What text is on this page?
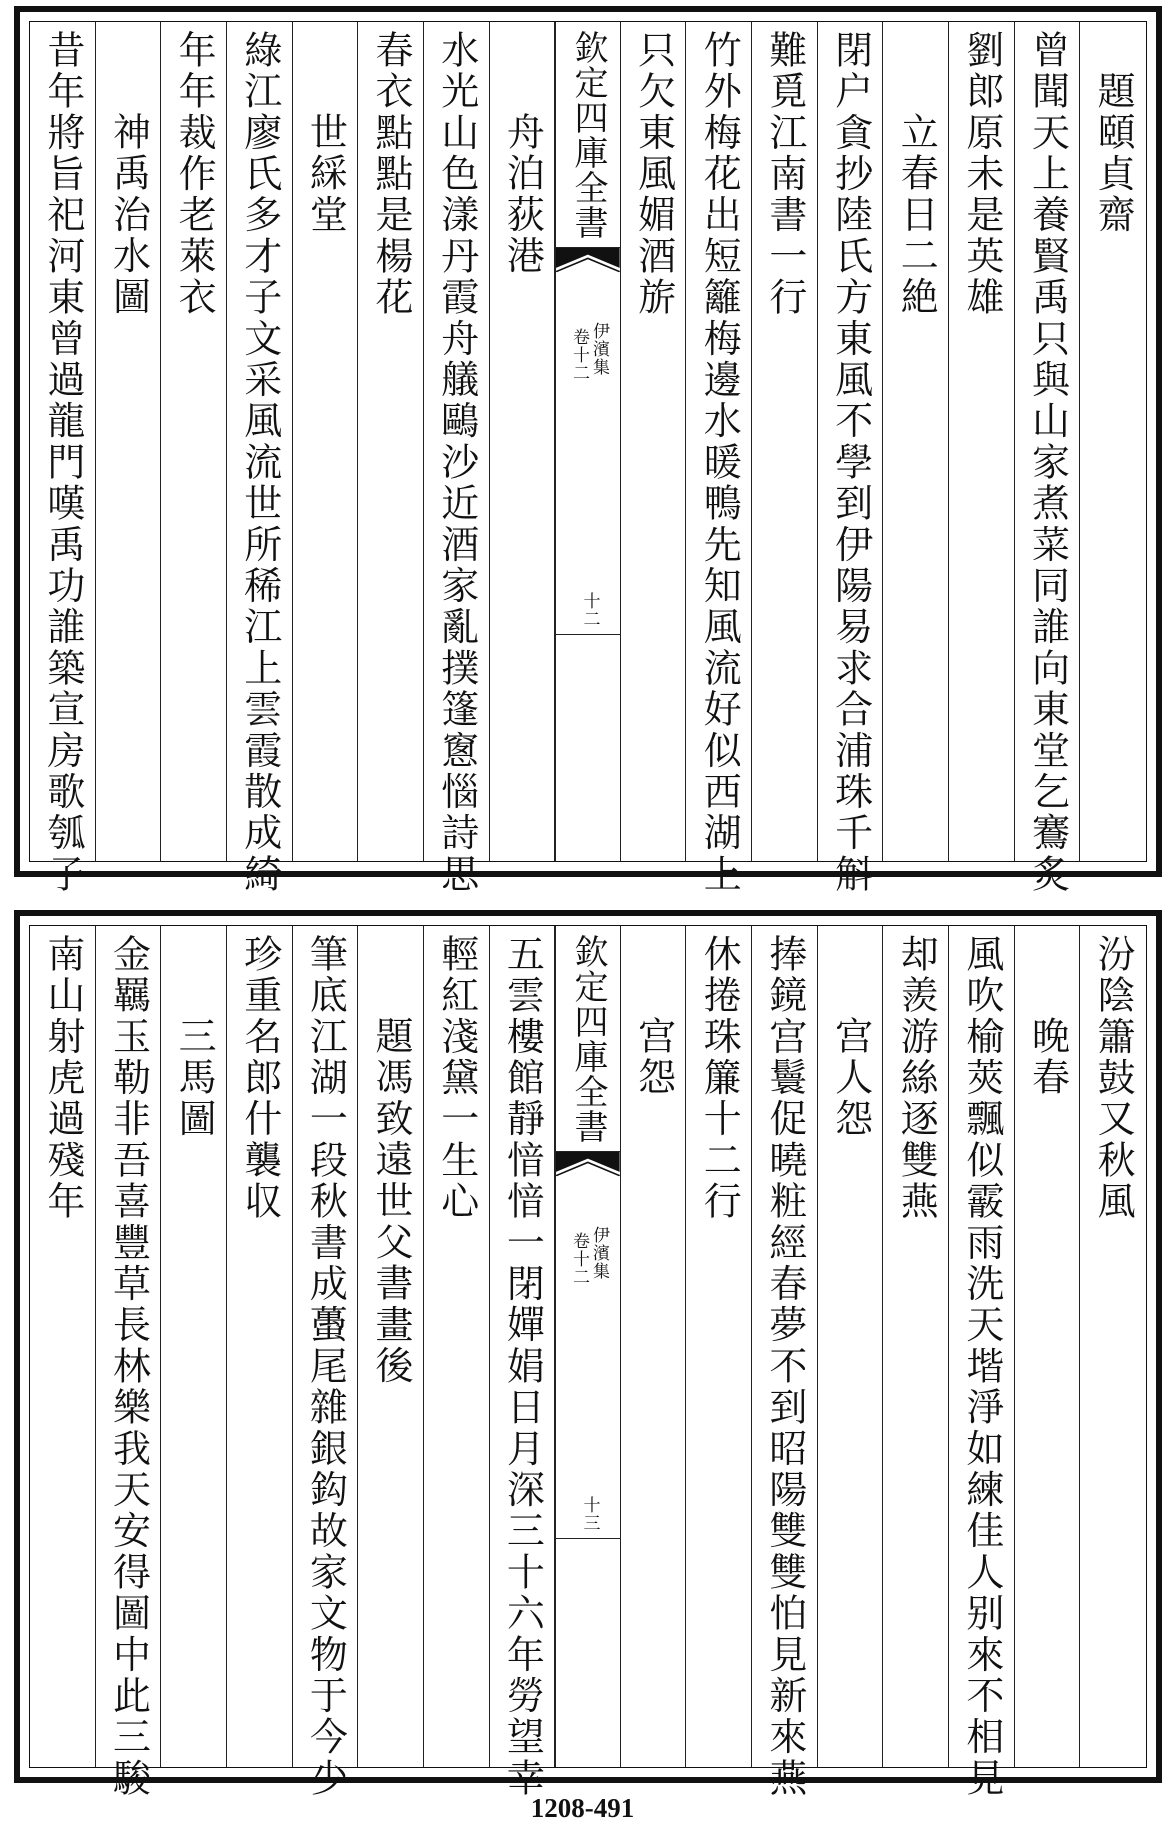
題頤貞齋
曾聞天上養賢禹只與山家煮菜同誰向東堂乞鶱炙
劉郎原未是英雄
立春日二絶
閉户貪抄陸氏方東風不學到伊陽易求合浦珠千斛
難覓江南書一行
竹外梅花出短籬梅邊水暖鴨先知風流好似西湖上
只欠東風媚酒旂
欽定四庫全書
伊濱集
卷十二
十二
舟泊荻港
水光山色漾丹霞舟艤鷗沙近酒家亂撲篷窻惱詩思
春衣點點是楊花
世綵堂
綠江廖氏多才子文采風流世所稀江上雲霞散成綺
年年裁作老萊衣
神禹治水圖
昔年將旨祀河東曾過龍門嘆禹功誰築宣房歌瓠子
汾陰簫鼓又秋風
晚春
風吹榆莢飄似霰雨洗天堦淨如練佳人别來不相見
却羨游絲逐雙燕
宫人怨
捧鏡宫鬟促曉粧經春夢不到昭陽雙雙怕見新來燕
休捲珠簾十二行
宫怨
欽定四庫全書
伊濱集
卷十二
十三
五雲樓館靜愔愔一閉嬋娟日月深三十六年勞望幸
輕紅淺黛一生心
題馮致遠世父書畫後
筆底江湖一段秋書成蠆尾雜銀鈎故家文物于今少
珍重名郎什襲収
三馬圖
金羈玉勒非吾喜豐草長林樂我天安得圖中此三駿
南山射虎過殘年
1208-491
